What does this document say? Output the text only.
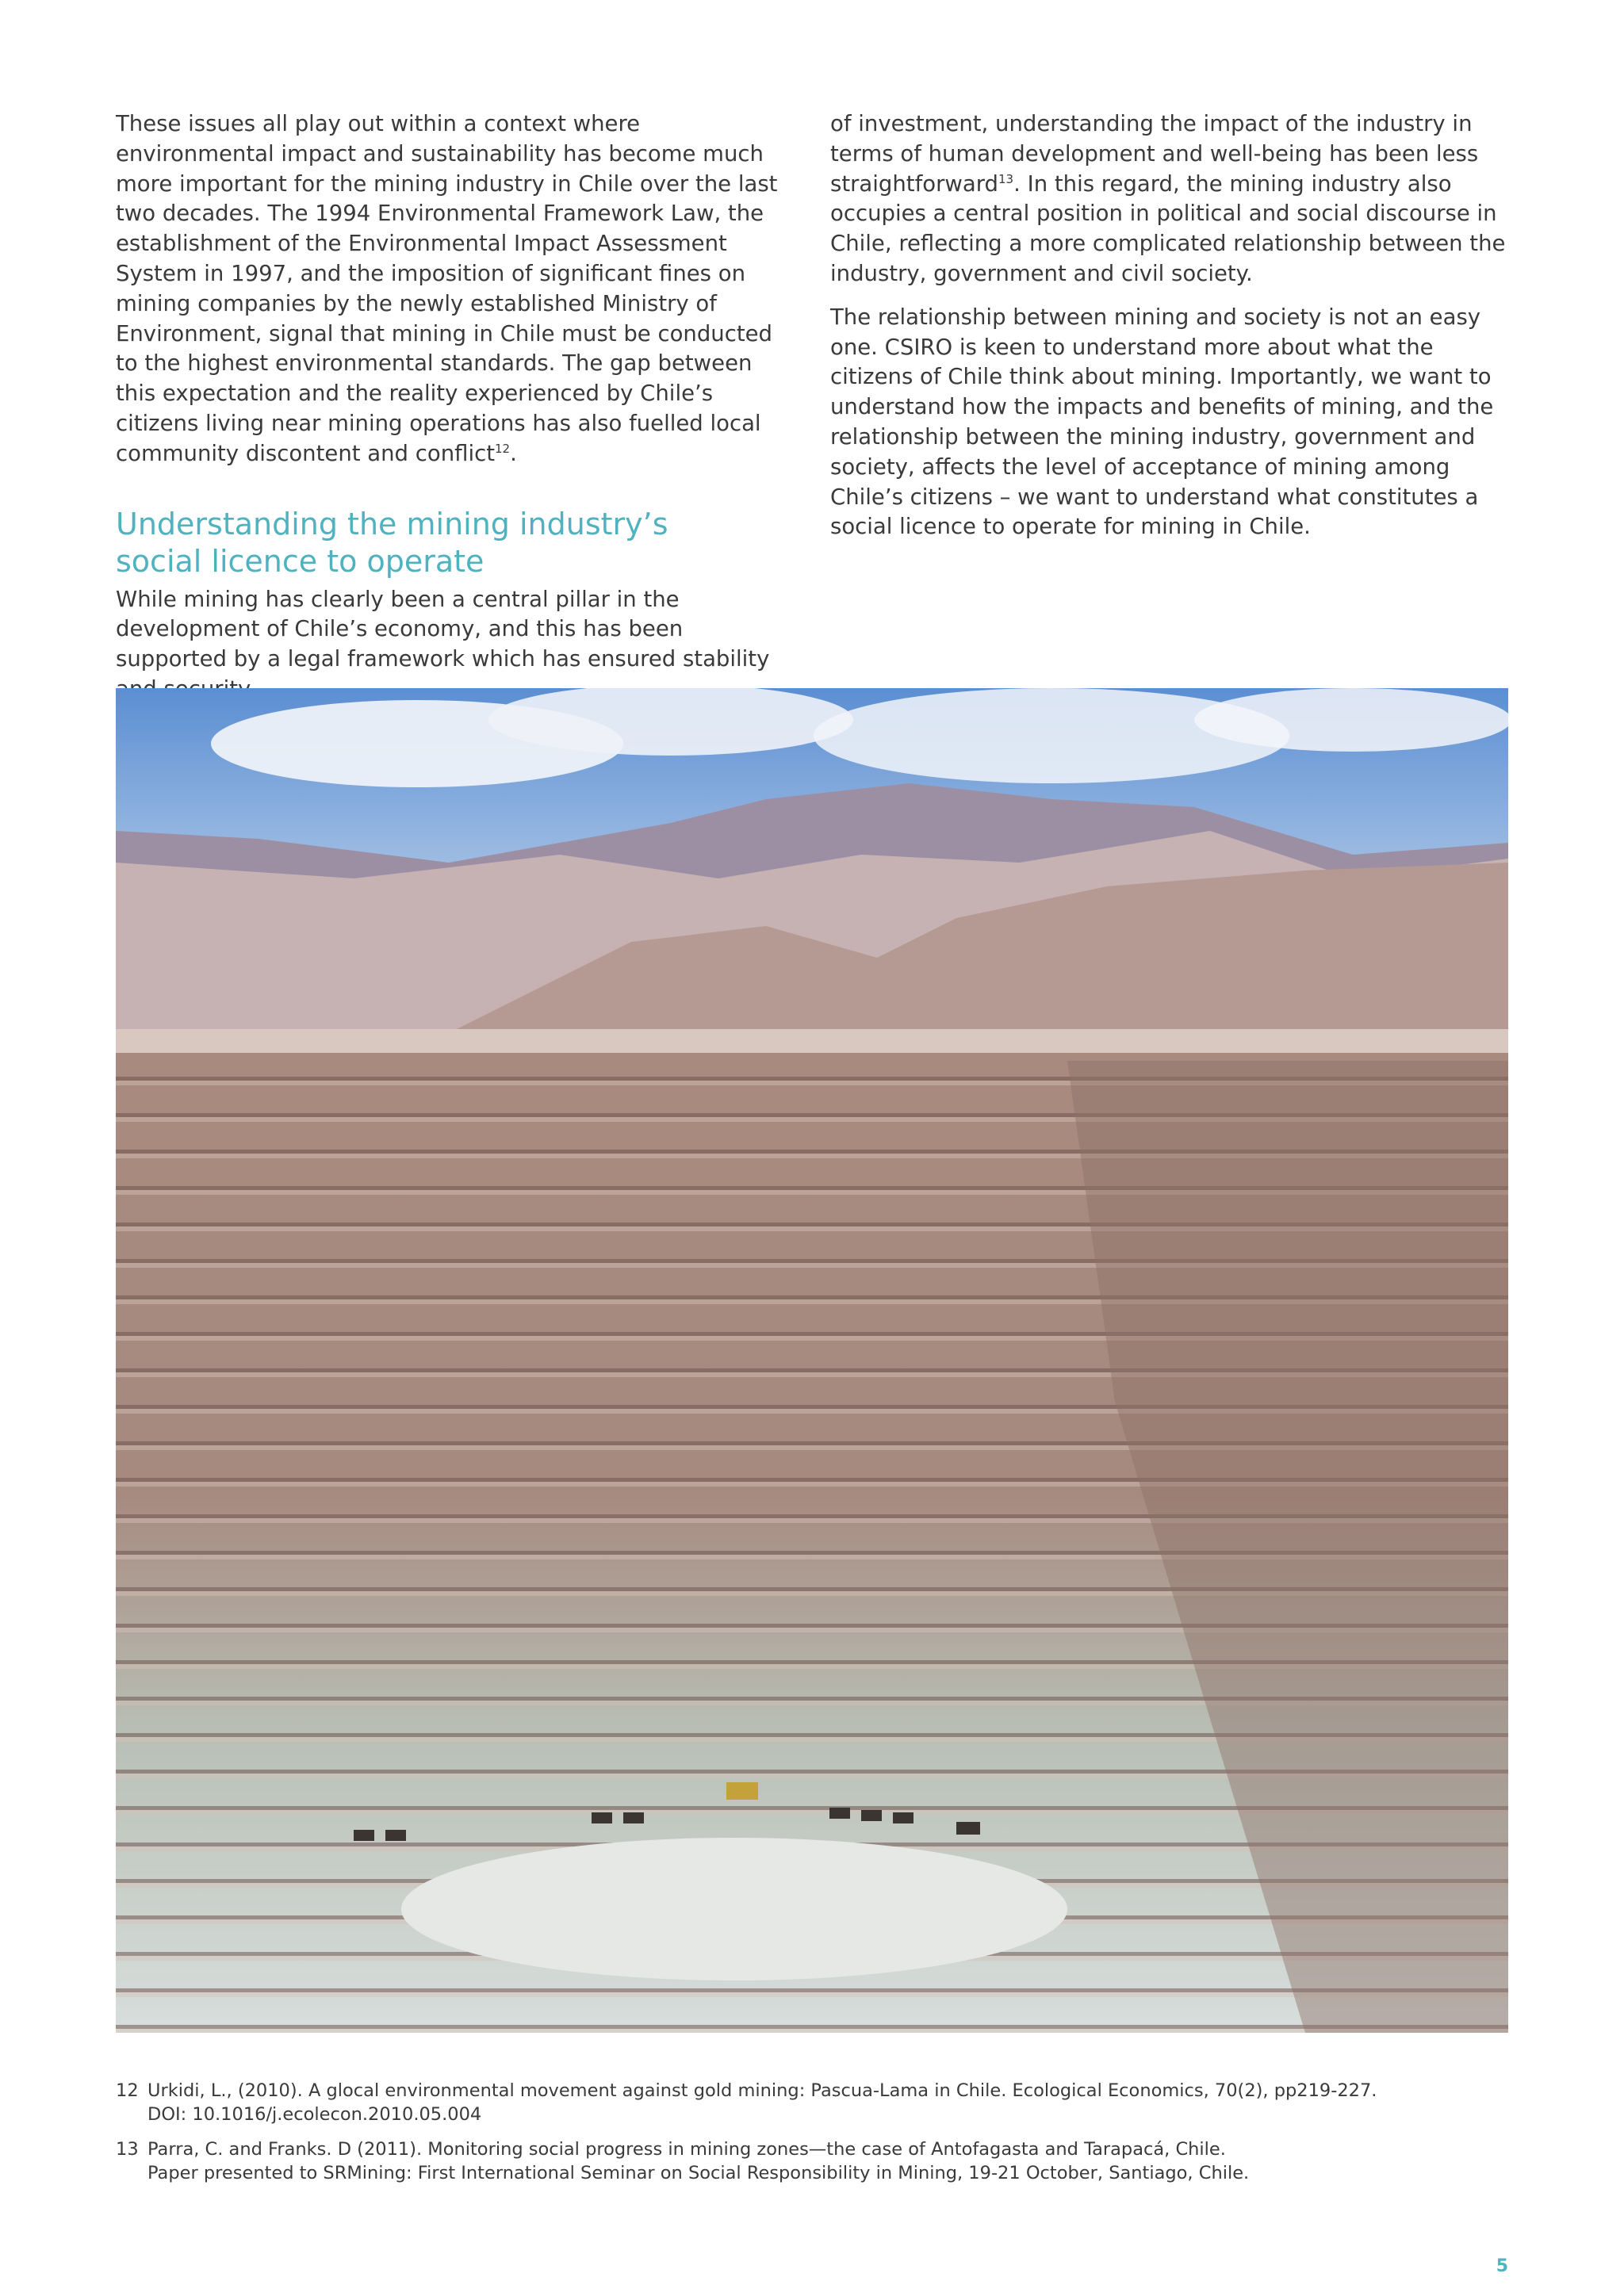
These issues all play out within a context where environmental impact and sustainability has become much more important for the mining industry in Chile over the last two decades. The 1994 Environmental Framework Law, the establishment of the Environmental Impact Assessment System in 1997, and the imposition of significant fines on mining companies by the newly established Ministry of Environment, signal that mining in Chile must be conducted to the highest environmental standards. The gap between this expectation and the reality experienced by Chile’s citizens living near mining operations has also fuelled local community discontent and conflict$^{12}$.

Understanding the mining industry’s
social licence to operate

While mining has clearly been a central pillar in the development of Chile’s economy, and this has been supported by a legal framework which has ensured stability

of investment, understanding the impact of the industry in terms of human development and well-being has been less straightforward$^{13}$. In this regard, the mining industry also occupies a central position in political and social discourse in Chile, reflecting a more complicated relationship between the industry, government and civil society.

The relationship between mining and society is not an easy one. CSIRO is keen to understand more about what the citizens of Chile think about mining. Importantly, we want to understand how the impacts and benefits of mining, and the relationship between the mining industry, government and society, affects the level of acceptance of mining among Chile’s citizens – we want to understand what constitutes a social licence to operate for mining in Chile.

12 Urkidi, L., (2010). A glocal environmental movement against gold mining: Pascua-Lama in Chile. Ecological Economics, 70(2), pp219-227.
DOI: 10.1016/j.ecolecon.2010.05.004
13 Parra, C. and Franks. D (2011). Monitoring social progress in mining zones—the case of Antofagasta and Tarapacá, Chile.
Paper presented to SRMining: First International Seminar on Social Responsibility in Mining, 19-21 October, Santiago, Chile.
5
